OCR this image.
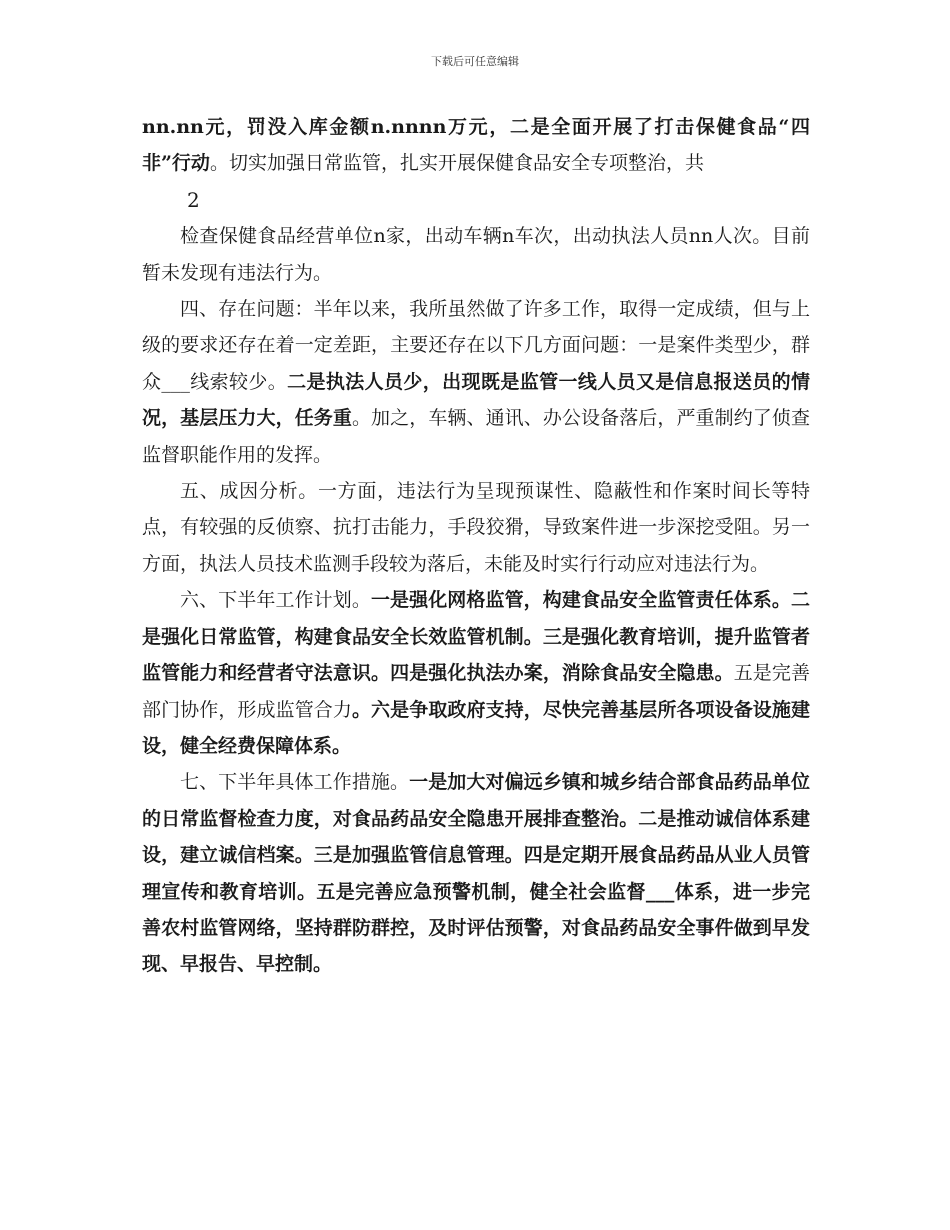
下载后可任意编辑

nn.nn元，罚没入库金额n.nnnn万元，二是全面开展了打击保健食品“四非”行动。切实加强日常监管，扎实开展保健食品安全专项整治，共

2

检查保健食品经营单位n家，出动车辆n车次，出动执法人员nn人次。目前暂未发现有违法行为。

四、存在问题：半年以来，我所虽然做了许多工作，取得一定成绩，但与上级的要求还存在着一定差距，主要还存在以下几方面问题：一是案件类型少，群众___线索较少。二是执法人员少，出现既是监管一线人员又是信息报送员的情况，基层压力大，任务重。加之，车辆、通讯、办公设备落后，严重制约了侦查监督职能作用的发挥。

五、成因分析。一方面，违法行为呈现预谋性、隐蔽性和作案时间长等特点，有较强的反侦察、抗打击能力，手段狡猾，导致案件进一步深挖受阻。另一方面，执法人员技术监测手段较为落后，未能及时实行行动应对违法行为。

六、下半年工作计划。一是强化网格监管，构建食品安全监管责任体系。二是强化日常监管，构建食品安全长效监管机制。三是强化教育培训，提升监管者监管能力和经营者守法意识。四是强化执法办案，消除食品安全隐患。五是完善部门协作，形成监管合力。六是争取政府支持，尽快完善基层所各项设备设施建设，健全经费保障体系。

七、下半年具体工作措施。一是加大对偏远乡镇和城乡结合部食品药品单位的日常监督检查力度，对食品药品安全隐患开展排查整治。二是推动诚信体系建设，建立诚信档案。三是加强监管信息管理。四是定期开展食品药品从业人员管理宣传和教育培训。五是完善应急预警机制，健全社会监督___体系，进一步完善农村监管网络，坚持群防群控，及时评估预警，对食品药品安全事件做到早发现、早报告、早控制。
